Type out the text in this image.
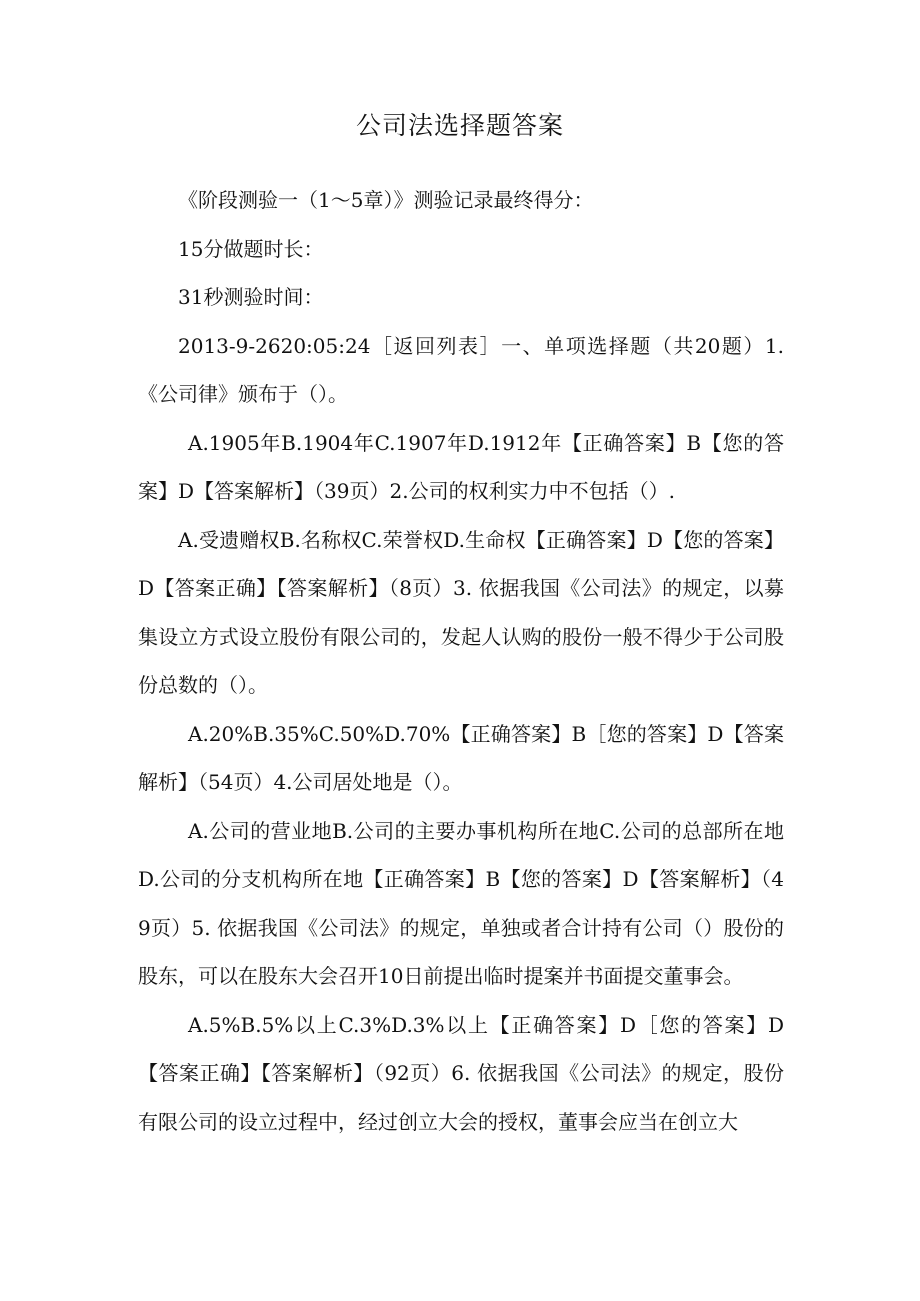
公司法选择题答案

《阶段测验一（1～5章）》测验记录最终得分：

15分做题时长：

31秒测验时间：

2013-9-2620:05:24［返回列表］一、单项选择题（共20题）1.《公司律》颁布于（）。

A.1905年B.1904年C.1907年D.1912年【正确答案】B【您的答案】D【答案解析】（39页）2.公司的权利实力中不包括（）.

A.受遗赠权B.名称权C.荣誉权D.生命权【正确答案】D【您的答案】D【答案正确】【答案解析】（8页）3. 依据我国《公司法》的规定，以募集设立方式设立股份有限公司的，发起人认购的股份一般不得少于公司股份总数的（）。

A.20%B.35%C.50%D.70%【正确答案】B［您的答案】D【答案解析】（54页）4.公司居处地是（）。

A.公司的营业地B.公司的主要办事机构所在地C.公司的总部所在地D.公司的分支机构所在地【正确答案】B【您的答案】D【答案解析】（49页）5. 依据我国《公司法》的规定，单独或者合计持有公司（）股份的股东，可以在股东大会召开10日前提出临时提案并书面提交董事会。

A.5%B.5%以上C.3%D.3%以上【正确答案】D［您的答案】D【答案正确】【答案解析】（92页）6. 依据我国《公司法》的规定，股份有限公司的设立过程中，经过创立大会的授权，董事会应当在创立大
